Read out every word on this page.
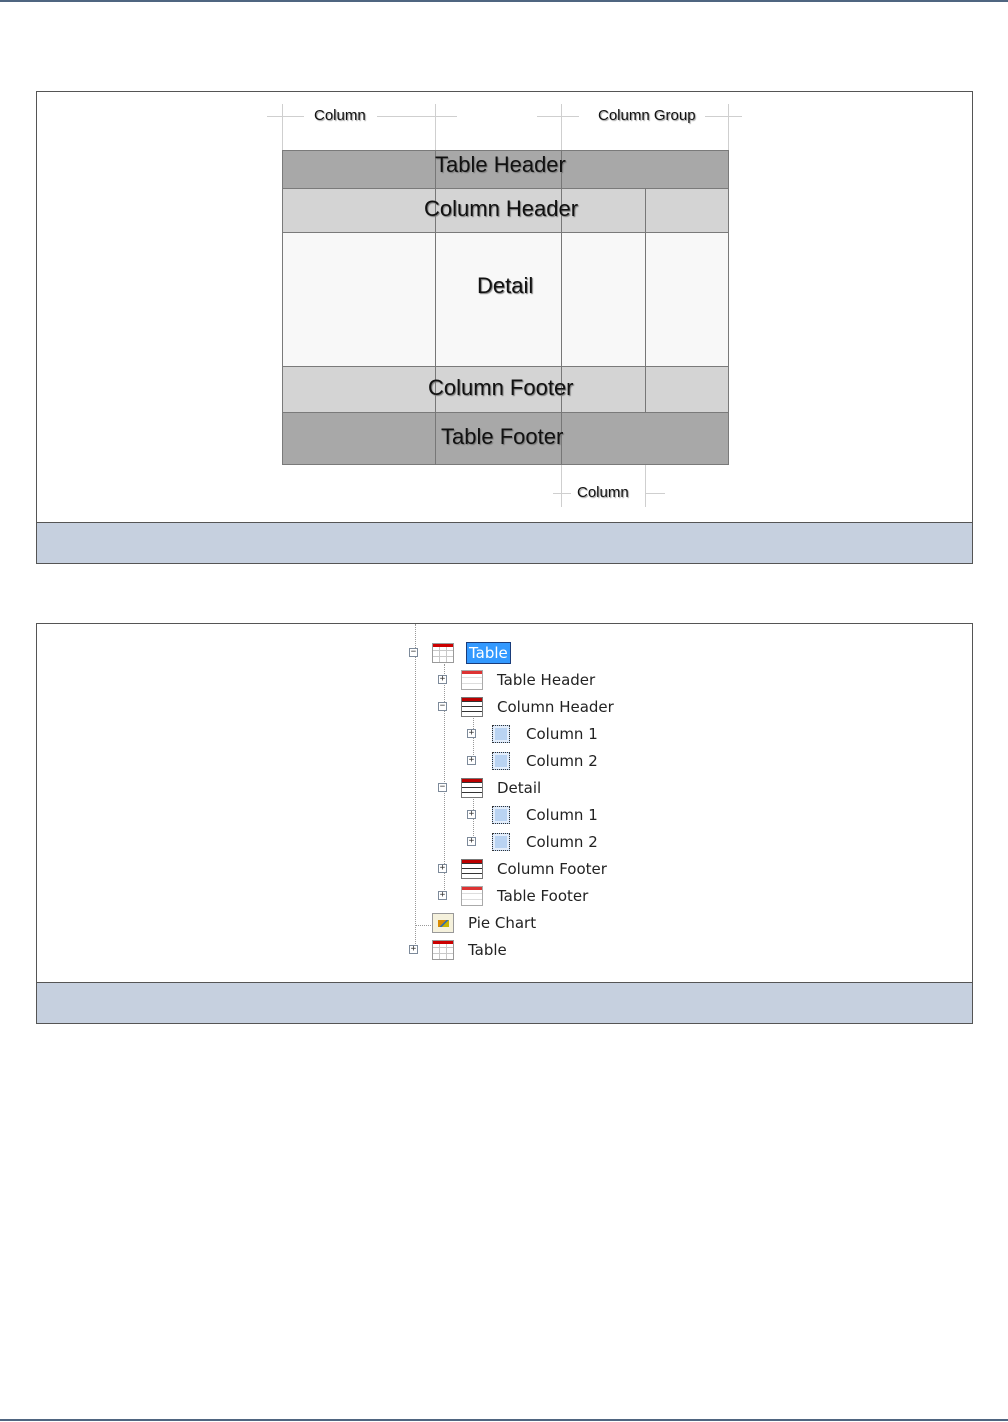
Column	Column Group
Table Header
Column Header
Detail
Column Footer
Table Footer
Column
−	Table
+	Table Header
−	Column Header
+	Column 1
+	Column 2
−	Detail
+	Column 1
+	Column 2
+	Column Footer
+	Table Footer
Pie Chart
+	Table
